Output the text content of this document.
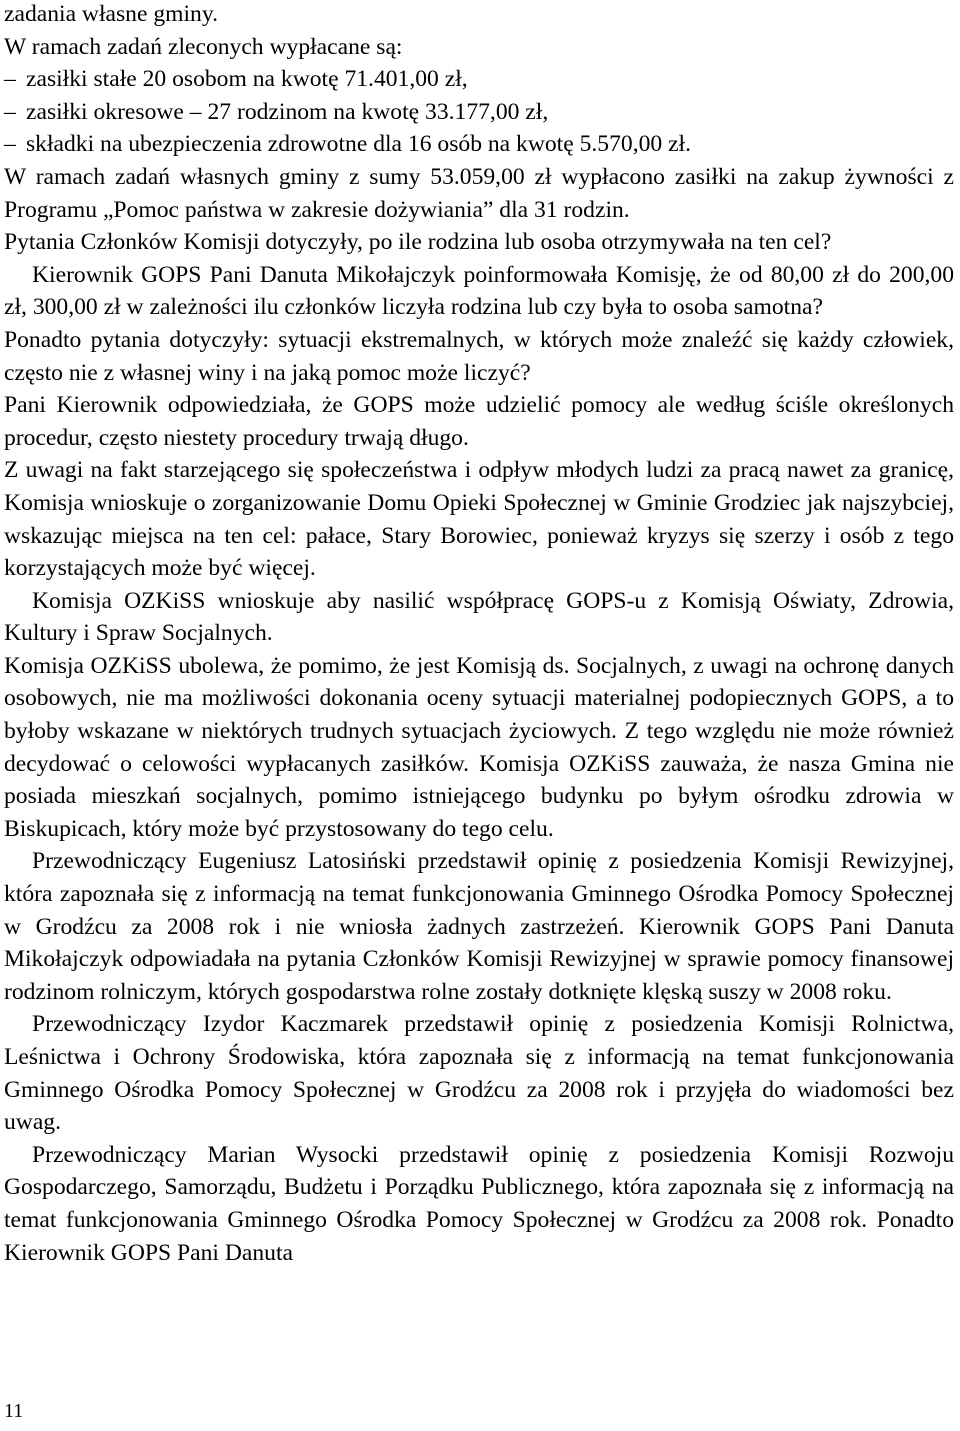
zadania własne gminy.

W ramach zadań zleconych wypłacane są:

– zasiłki stałe 20 osobom na kwotę 71.401,00 zł,

– zasiłki okresowe – 27 rodzinom na kwotę 33.177,00 zł,

– składki na ubezpieczenia zdrowotne dla 16 osób na kwotę 5.570,00 zł.

W ramach zadań własnych gminy z sumy 53.059,00 zł wypłacono zasiłki na zakup żywności z Programu „Pomoc państwa w zakresie dożywiania” dla 31 rodzin.

Pytania Członków Komisji dotyczyły, po ile rodzina lub osoba otrzymywała na ten cel?

Kierownik GOPS Pani Danuta Mikołajczyk poinformowała Komisję, że od 80,00 zł do 200,00 zł, 300,00 zł w zależności ilu członków liczyła rodzina lub czy była to osoba samotna?

Ponadto pytania dotyczyły: sytuacji ekstremalnych, w których może znaleźć się każdy człowiek, często nie z własnej winy i na jaką pomoc może liczyć?

Pani Kierownik odpowiedziała, że GOPS może udzielić pomocy ale według ściśle określonych procedur, często niestety procedury trwają długo.

Z uwagi na fakt starzejącego się społeczeństwa i odpływ młodych ludzi za pracą nawet za granicę, Komisja wnioskuje o zorganizowanie Domu Opieki Społecznej w Gminie Grodziec jak najszybciej, wskazując miejsca na ten cel: pałace, Stary Borowiec, ponieważ kryzys się szerzy i osób z tego korzystających może być więcej.

Komisja OZKiSS wnioskuje aby nasilić współpracę GOPS-u z Komisją Oświaty, Zdrowia, Kultury i Spraw Socjalnych.

Komisja OZKiSS ubolewa, że pomimo, że jest Komisją ds. Socjalnych, z uwagi na ochronę danych osobowych, nie ma możliwości dokonania oceny sytuacji materialnej podopiecznych GOPS, a to byłoby wskazane w niektórych trudnych sytuacjach życiowych. Z tego względu nie może również decydować o celowości wypłacanych zasiłków. Komisja OZKiSS zauważa, że nasza Gmina nie posiada mieszkań socjalnych, pomimo istniejącego budynku po byłym ośrodku zdrowia w Biskupicach, który może być przystosowany do tego celu.

Przewodniczący Eugeniusz Latosiński przedstawił opinię z posiedzenia Komisji Rewizyjnej, która zapoznała się z informacją na temat funkcjonowania Gminnego Ośrodka Pomocy Społecznej w Grodźcu za 2008 rok i nie wniosła żadnych zastrzeżeń. Kierownik GOPS Pani Danuta Mikołajczyk odpowiadała na pytania Członków Komisji Rewizyjnej w sprawie pomocy finansowej rodzinom rolniczym, których gospodarstwa rolne zostały dotknięte klęską suszy w 2008 roku.

Przewodniczący Izydor Kaczmarek przedstawił opinię z posiedzenia Komisji Rolnictwa, Leśnictwa i Ochrony Środowiska, która zapoznała się z informacją na temat funkcjonowania Gminnego Ośrodka Pomocy Społecznej w Grodźcu za 2008 rok i przyjęła do wiadomości bez uwag.

Przewodniczący Marian Wysocki przedstawił opinię z posiedzenia Komisji Rozwoju Gospodarczego, Samorządu, Budżetu i Porządku Publicznego, która zapoznała się z informacją na temat funkcjonowania Gminnego Ośrodka Pomocy Społecznej w Grodźcu za 2008 rok. Ponadto Kierownik GOPS Pani Danuta

11
